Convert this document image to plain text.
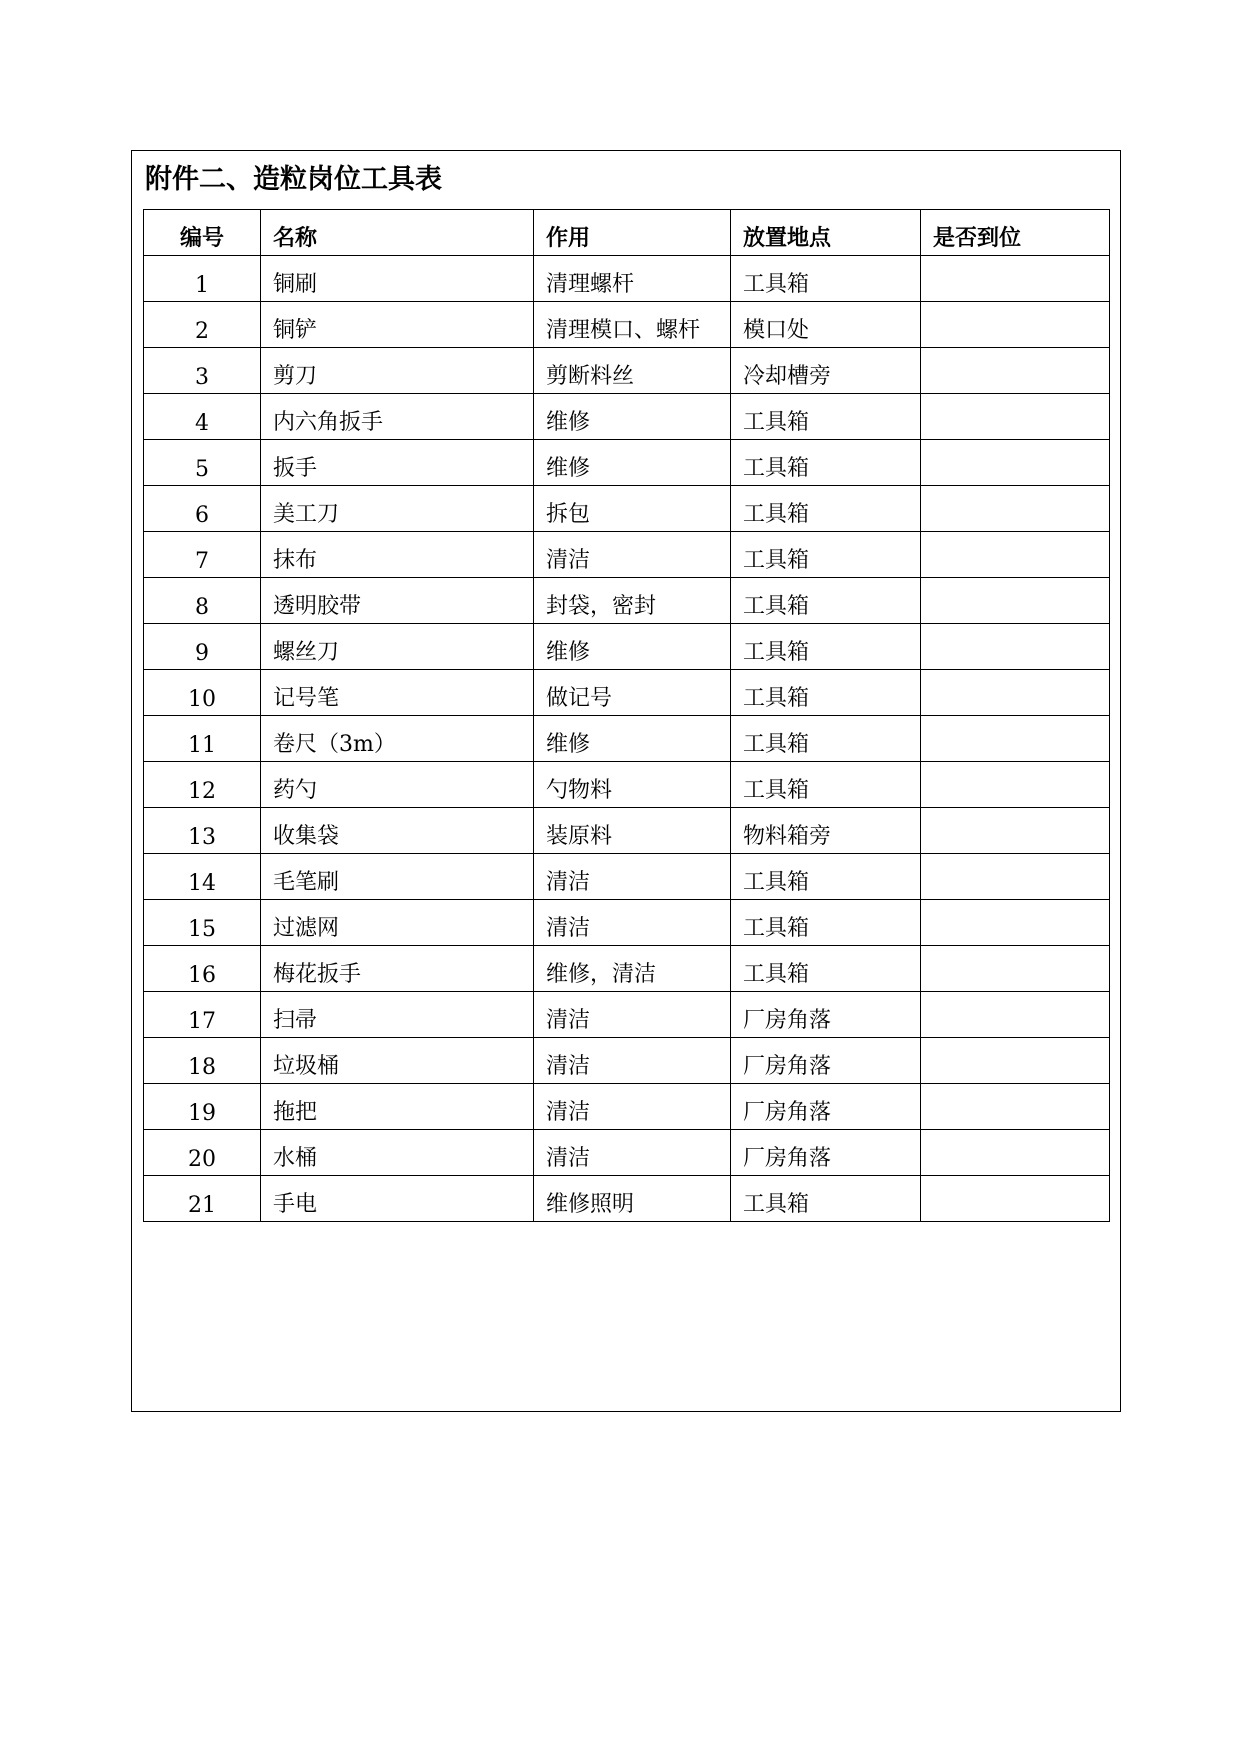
附件二、造粒岗位工具表
编号	名称	作用	放置地点	是否到位
1	铜刷	清理螺杆	工具箱	
2	铜铲	清理模口、螺杆	模口处	
3	剪刀	剪断料丝	冷却槽旁	
4	内六角扳手	维修	工具箱	
5	扳手	维修	工具箱	
6	美工刀	拆包	工具箱	
7	抹布	清洁	工具箱	
8	透明胶带	封袋，密封	工具箱	
9	螺丝刀	维修	工具箱	
10	记号笔	做记号	工具箱	
11	卷尺（3m）	维修	工具箱	
12	药勺	勺物料	工具箱	
13	收集袋	装原料	物料箱旁	
14	毛笔刷	清洁	工具箱	
15	过滤网	清洁	工具箱	
16	梅花扳手	维修，清洁	工具箱	
17	扫帚	清洁	厂房角落	
18	垃圾桶	清洁	厂房角落	
19	拖把	清洁	厂房角落	
20	水桶	清洁	厂房角落	
21	手电	维修照明	工具箱	
